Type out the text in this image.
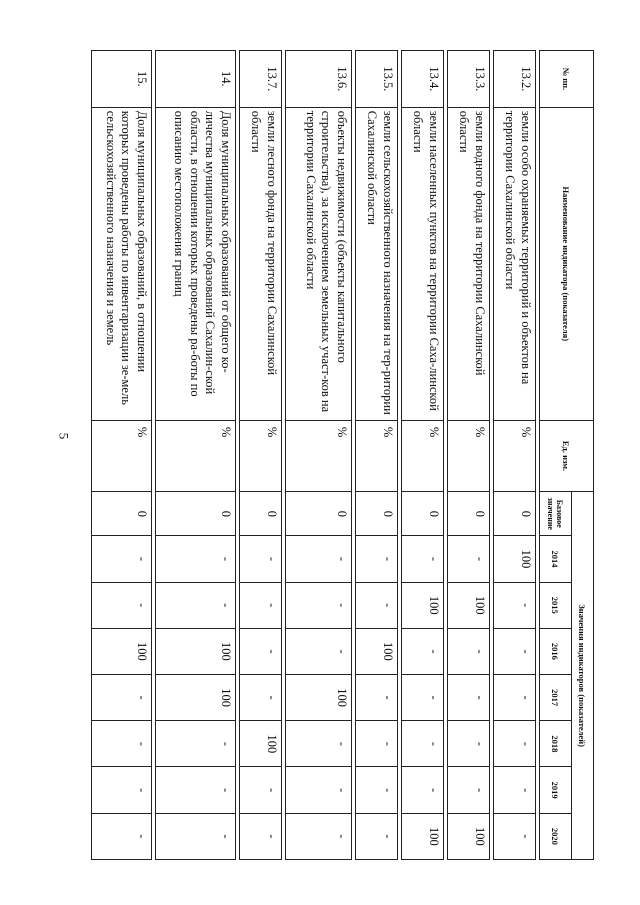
5
№ пп.	Наименование индикатора (показателя)	Ед. изм.	Значения индикаторов (показателей)							
			Базовое значение	2014	2015	2016	2017	2018	2019	2020

13.2.	земли особо охраняемых территорий и объектов на территории Сахалинской области	%	0	100	-	-	-	-	-	-

13.3.	земли водного фонда на территории Сахалинской области	%	0	-	100	-	-	-	-	100

13.4.	земли населенных пунктов на территории Саха-линской области	%	0	-	100	-	-	-	-	100

13.5.	земли сельскохозяйственного назначения на тер-ритории Сахалинской области	%	0	-	-	100	-	-	-	-

13.6.	объекты недвижимости (объекты капитального строительства), за исключением земельных участ-ков на территории Сахалинской области	%	0	-	-	-	100	-	-	-

13.7.	земли лесного фонда на территории Сахалинской области	%	0	-	-	-	-	100	-	-

14.	Доля муниципальных образований от общего ко-личества муниципальных образований Сахалин-ской области, в отношении которых проведены ра-боты по описанию местоположения границ	%	0	-	-	100	100	-	-	-

15.	Доля муниципальных образований, в отношении которых проведены работы по инвентаризации зе-мель сельскохозяйственного назначения и земель	%	0	-	-	100	-	-	-	-
